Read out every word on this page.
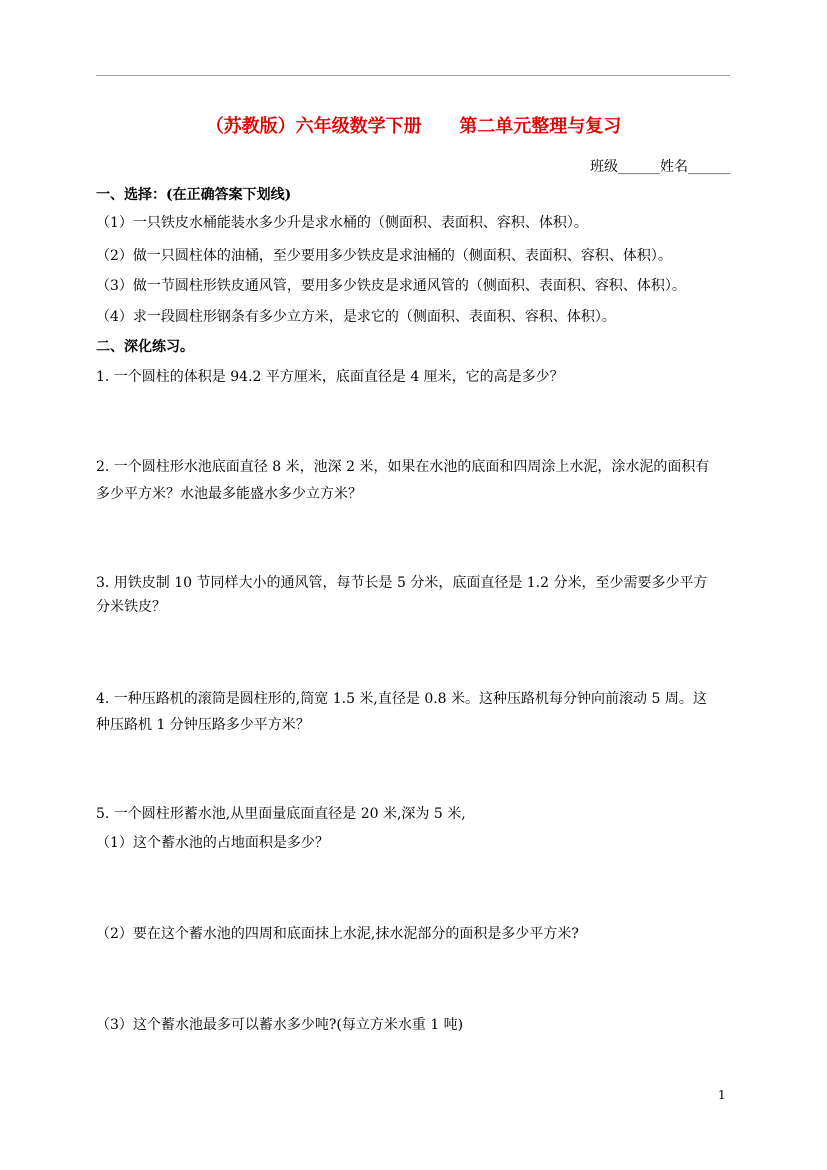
（苏教版）六年级数学下册      第二单元整理与复习
班级______姓名______
一、选择：(在正确答案下划线)
（1）一只铁皮水桶能装水多少升是求水桶的（侧面积、表面积、容积、体积）。
（2）做一只圆柱体的油桶，至少要用多少铁皮是求油桶的（侧面积、表面积、容积、体积）。
（3）做一节圆柱形铁皮通风管，要用多少铁皮是求通风管的（侧面积、表面积、容积、体积）。
（4）求一段圆柱形钢条有多少立方米，是求它的（侧面积、表面积、容积、体积）。
二、深化练习。
1. 一个圆柱的体积是 94.2 平方厘米，底面直径是 4 厘米，它的高是多少？
2. 一个圆柱形水池底面直径 8 米，池深 2 米，如果在水池的底面和四周涂上水泥，涂水泥的面积有
多少平方米？水池最多能盛水多少立方米？
3. 用铁皮制 10 节同样大小的通风管，每节长是 5 分米，底面直径是 1.2 分米，至少需要多少平方
分米铁皮？
4. 一种压路机的滚筒是圆柱形的,筒宽 1.5 米,直径是 0.8 米。这种压路机每分钟向前滚动 5 周。这
种压路机 1 分钟压路多少平方米？
5. 一个圆柱形蓄水池,从里面量底面直径是 20 米,深为 5 米,
（1）这个蓄水池的占地面积是多少？
（2）要在这个蓄水池的四周和底面抹上水泥,抹水泥部分的面积是多少平方米?
（3）这个蓄水池最多可以蓄水多少吨?(每立方米水重 1 吨)
1
